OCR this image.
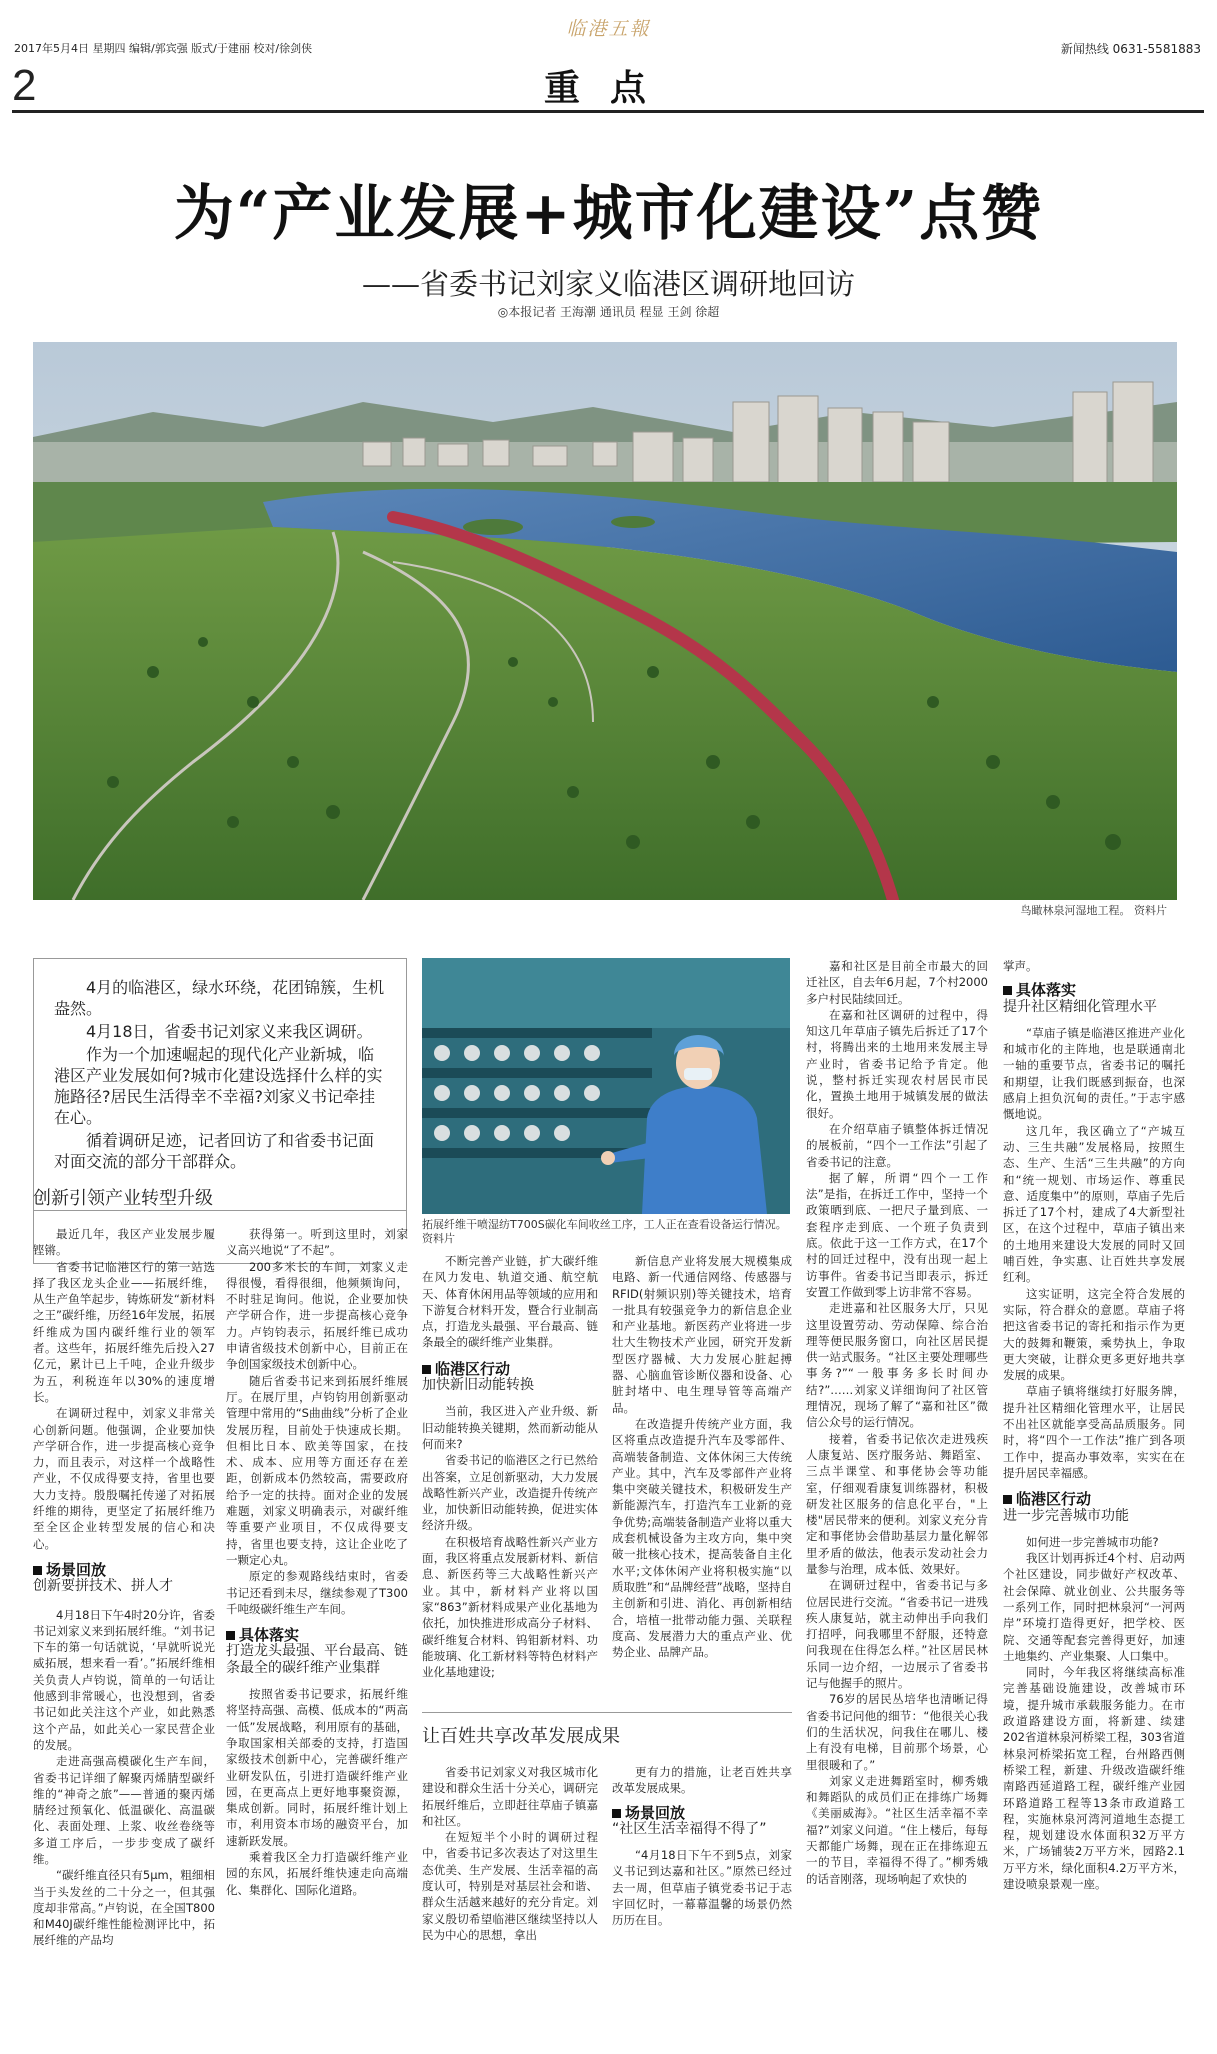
2017年5月4日 星期四 编辑/郭宾强 版式/于建丽 校对/徐剑侠	新闻热线 0631-5581883
临港五報
2	重点
为“产业发展+城市化建设”点赞
——省委书记刘家义临港区调研地回访
◎本报记者 王海潮 通讯员 程显 王剑 徐超
鸟瞰林泉河湿地工程。 资料片

4月的临港区，绿水环绕，花团锦簇，生机盎然。

4月18日，省委书记刘家义来我区调研。

作为一个加速崛起的现代化产业新城，临港区产业发展如何?城市化建设选择什么样的实施路径?居民生活得幸不幸福?刘家义书记牵挂在心。

循着调研足迹，记者回访了和省委书记面对面交流的部分干部群众。

拓展纤维干喷湿纺T700S碳化车间收丝工序，工人正在查看设备运行情况。 资料片
创新引领产业转型升级

最近几年，我区产业发展步履铿锵。

省委书记临港区行的第一站选择了我区龙头企业——拓展纤维，从生产鱼竿起步，铸炼研发“新材料之王”碳纤维，历经16年发展，拓展纤维成为国内碳纤维行业的领军者。这些年，拓展纤维先后投入27亿元，累计已上千吨，企业升级步为五，利税连年以30%的速度增长。

在调研过程中，刘家义非常关心创新问题。他强调，企业要加快产学研合作，进一步提高核心竞争力，而且表示，对这样一个战略性产业，不仅成得要支持，省里也要大力支持。殷殷嘱托传递了对拓展纤维的期待，更坚定了拓展纤维乃至全区企业转型发展的信心和决心。

场景回放
创新要拼技术、拼人才

4月18日下午4时20分许，省委书记刘家义来到拓展纤维。“刘书记下车的第一句话就说，‘早就听说光威拓展，想来看一看’。”拓展纤维相关负责人卢钧说，简单的一句话让他感到非常暖心，也没想到，省委书记如此关注这个产业，如此熟悉这个产品，如此关心一家民营企业的发展。

走进高强高模碳化生产车间，省委书记详细了解聚丙烯腈型碳纤维的“神奇之旅”——普通的聚丙烯腈经过预氧化、低温碳化、高温碳化、表面处理、上浆、收丝卷绕等多道工序后，一步步变成了碳纤维。

“碳纤维直径只有5μm，粗细相当于头发丝的二十分之一，但其强度却非常高。”卢钧说，在全国T800和M40J碳纤维性能检测评比中，拓展纤维的产品均

获得第一。听到这里时，刘家义高兴地说“了不起”。

200多米长的车间，刘家义走得很慢，看得很细，他频频询问，不时驻足询问。他说，企业要加快产学研合作，进一步提高核心竞争力。卢钧钧表示，拓展纤维已成功申请省级技术创新中心，目前正在争创国家级技术创新中心。

随后省委书记来到拓展纤维展厅。在展厅里，卢钧钧用创新驱动管理中常用的“S曲曲线”分析了企业发展历程，目前处于快速成长期。但相比日本、欧美等国家，在技术、成本、应用等方面还存在差距，创新成本仍然较高，需要政府给予一定的扶持。面对企业的发展难题，刘家义明确表示，对碳纤维等重要产业项目，不仅成得要支持，省里也要支持，这让企业吃了一颗定心丸。

原定的参观路线结束时，省委书记还看到未尽，继续参观了T300千吨级碳纤维生产车间。

具体落实
打造龙头最强、平台最高、链条最全的碳纤维产业集群

按照省委书记要求，拓展纤维将坚持高强、高模、低成本的“两高一低”发展战略，利用原有的基础，争取国家相关部委的支持，打造国家级技术创新中心，完善碳纤维产业研发队伍，引进打造碳纤维产业园，在更高点上更好地事聚资源，集成创新。同时，拓展纤维计划上市，利用资本市场的融资平台，加速新跃发展。

乘着我区全力打造碳纤维产业园的东风，拓展纤维快速走向高端化、集群化、国际化道路。

不断完善产业链，扩大碳纤维在风力发电、轨道交通、航空航天、体育休闲用品等领域的应用和下游复合材料开发，暨合行业制高点，打造龙头最强、平台最高、链条最全的碳纤维产业集群。

临港区行动
加快新旧动能转换

当前，我区进入产业升级、新旧动能转换关键期，然而新动能从何而来?

省委书记的临港区之行已然给出答案，立足创新驱动，大力发展战略性新兴产业，改造提升传统产业，加快新旧动能转换，促进实体经济升级。

在积极培育战略性新兴产业方面，我区将重点发展新材料、新信息、新医药等三大战略性新兴产业。其中，新材料产业将以国家“863”新材料成果产业化基地为依托，加快推进形成高分子材料、碳纤维复合材料、钨钼新材料、功能玻璃、化工新材料等特色材料产业化基地建设;

新信息产业将发展大规模集成电路、新一代通信网络、传感器与RFID(射频识别)等关键技术，培育一批具有较强竞争力的新信息企业和产业基地。新医药产业将进一步壮大生物技术产业园，研究开发新型医疗器械、大力发展心脏起搏器、心脑血管诊断仪器和设备、心脏封堵中、电生理导管等高端产品。

在改造提升传统产业方面，我区将重点改造提升汽车及零部件、高端装备制造、文体休闲三大传统产业。其中，汽车及零部件产业将集中突破关键技术，积极研发生产新能源汽车，打造汽车工业新的竞争优势;高端装备制造产业将以重大成套机械设备为主攻方向，集中突破一批核心技术，提高装备自主化水平;文体休闲产业将积极实施“以质取胜”和“品牌经营”战略，坚持自主创新和引进、消化、再创新相结合，培植一批带动能力强、关联程度高、发展潜力大的重点产业、优势企业、品牌产品。

让百姓共享改革发展成果

省委书记刘家义对我区城市化建设和群众生活十分关心，调研完拓展纤维后，立即赶往草庙子镇嘉和社区。

在短短半个小时的调研过程中，省委书记多次表达了对这里生态优美、生产发展、生活幸福的高度认可，特别是对基层社会和谐、群众生活越来越好的充分肯定。刘家义殷切希望临港区继续坚持以人民为中心的思想，拿出

更有力的措施，让老百姓共享改革发展成果。

场景回放
“社区生活幸福得不得了”

“4月18日下午不到5点，刘家义书记到达嘉和社区。”原然已经过去一周，但草庙子镇党委书记于志宇回忆时，一幕幕温馨的场景仍然历历在目。

嘉和社区是目前全市最大的回迁社区，自去年6月起，7个村2000多户村民陆续回迁。

在嘉和社区调研的过程中，得知这几年草庙子镇先后拆迁了17个村，将腾出来的土地用来发展主导产业时，省委书记给予肯定。他说，整村拆迁实现农村居民市民化，置换土地用于城镇发展的做法很好。

在介绍草庙子镇整体拆迁情况的展板前，“四个一工作法”引起了省委书记的注意。

据了解，所谓“四个一工作法”是指，在拆迁工作中，坚持一个政策晒到底、一把尺子量到底、一套程序走到底、一个班子负责到底。依此于这一工作方式，在17个村的回迁过程中，没有出现一起上访事件。省委书记当即表示，拆迁安置工作做到零上访非常不容易。

走进嘉和社区服务大厅，只见这里设置劳动、劳动保障、综合治理等便民服务窗口，向社区居民提供一站式服务。“社区主要处理哪些事务?”“一般事务多长时间办结?”……刘家义详细询问了社区管理情况，现场了解了“嘉和社区”微信公众号的运行情况。

接着，省委书记依次走进残疾人康复站、医疗服务站、舞蹈室、三点半课堂、和事佬协会等功能室，仔细观看康复训练器材，积极研发社区服务的信息化平台，"上楼"居民带来的便利。刘家义充分肯定和事佬协会借助基层力量化解邻里矛盾的做法，他表示发动社会力量参与治理，成本低、效果好。

在调研过程中，省委书记与多位居民进行交流。“省委书记一进残疾人康复站，就主动伸出手向我们打招呼，问我哪里不舒服，还特意问我现在住得怎么样。”社区居民林乐同一边介绍，一边展示了省委书记与他握手的照片。

76岁的居民丛培华也清晰记得省委书记问他的细节：“他很关心我们的生活状况，问我住在哪儿、楼上有没有电梯，目前那个场景，心里很暖和了。”

刘家义走进舞蹈室时，柳秀娥和舞蹈队的成员们正在排练广场舞《美丽威海》。“社区生活幸福不幸福?”刘家义问道。“住上楼后，每每天都能广场舞，现在正在排练迎五一的节目，幸福得不得了。”柳秀娥的话音刚落，现场响起了欢快的

掌声。

具体落实
提升社区精细化管理水平

“草庙子镇是临港区推进产业化和城市化的主阵地，也是联通南北一轴的重要节点，省委书记的嘱托和期望，让我们既感到振奋，也深感肩上担负沉甸的责任。”于志宇感慨地说。

这几年，我区确立了“产城互动、三生共融”发展格局，按照生态、生产、生活“三生共融”的方向和“统一规划、市场运作、尊重民意、适度集中”的原则，草庙子先后拆迁了17个村，建成了4大新型社区，在这个过程中，草庙子镇出来的土地用来建设大发展的同时又回哺百姓，争实惠、让百姓共享发展红利。

这实证明，这完全符合发展的实际，符合群众的意愿。草庙子将把这省委书记的寄托和指示作为更大的鼓舞和鞭策，乘势执上，争取更大突破，让群众更多更好地共享发展的成果。

草庙子镇将继续打好服务牌，提升社区精细化管理水平，让居民不出社区就能享受高品质服务。同时，将“四个一工作法”推广到各项工作中，提高办事效率，实实在在提升居民幸福感。

临港区行动
进一步完善城市功能

如何进一步完善城市功能?

我区计划再拆迁4个村、启动两个社区建设，同步做好产权改革、社会保障、就业创业、公共服务等一系列工作，同时把林泉河“一河两岸”环境打造得更好，把学校、医院、交通等配套完善得更好，加速土地集约、产业集聚、人口集中。

同时，今年我区将继续高标准完善基础设施建设，改善城市环境，提升城市承载服务能力。在市政道路建设方面，将新建、续建202省道林泉河桥梁工程，303省道林泉河桥梁拓宽工程，台州路西侧桥梁工程，新建、升级改造碳纤维南路西延道路工程，碳纤维产业园环路道路工程等13条市政道路工程，实施林泉河湾河道地生态提工程，规划建设水体面积32万平方米，广场铺装2万平方米，园路2.1万平方米，绿化面积4.2万平方米，建设喷泉景观一座。
